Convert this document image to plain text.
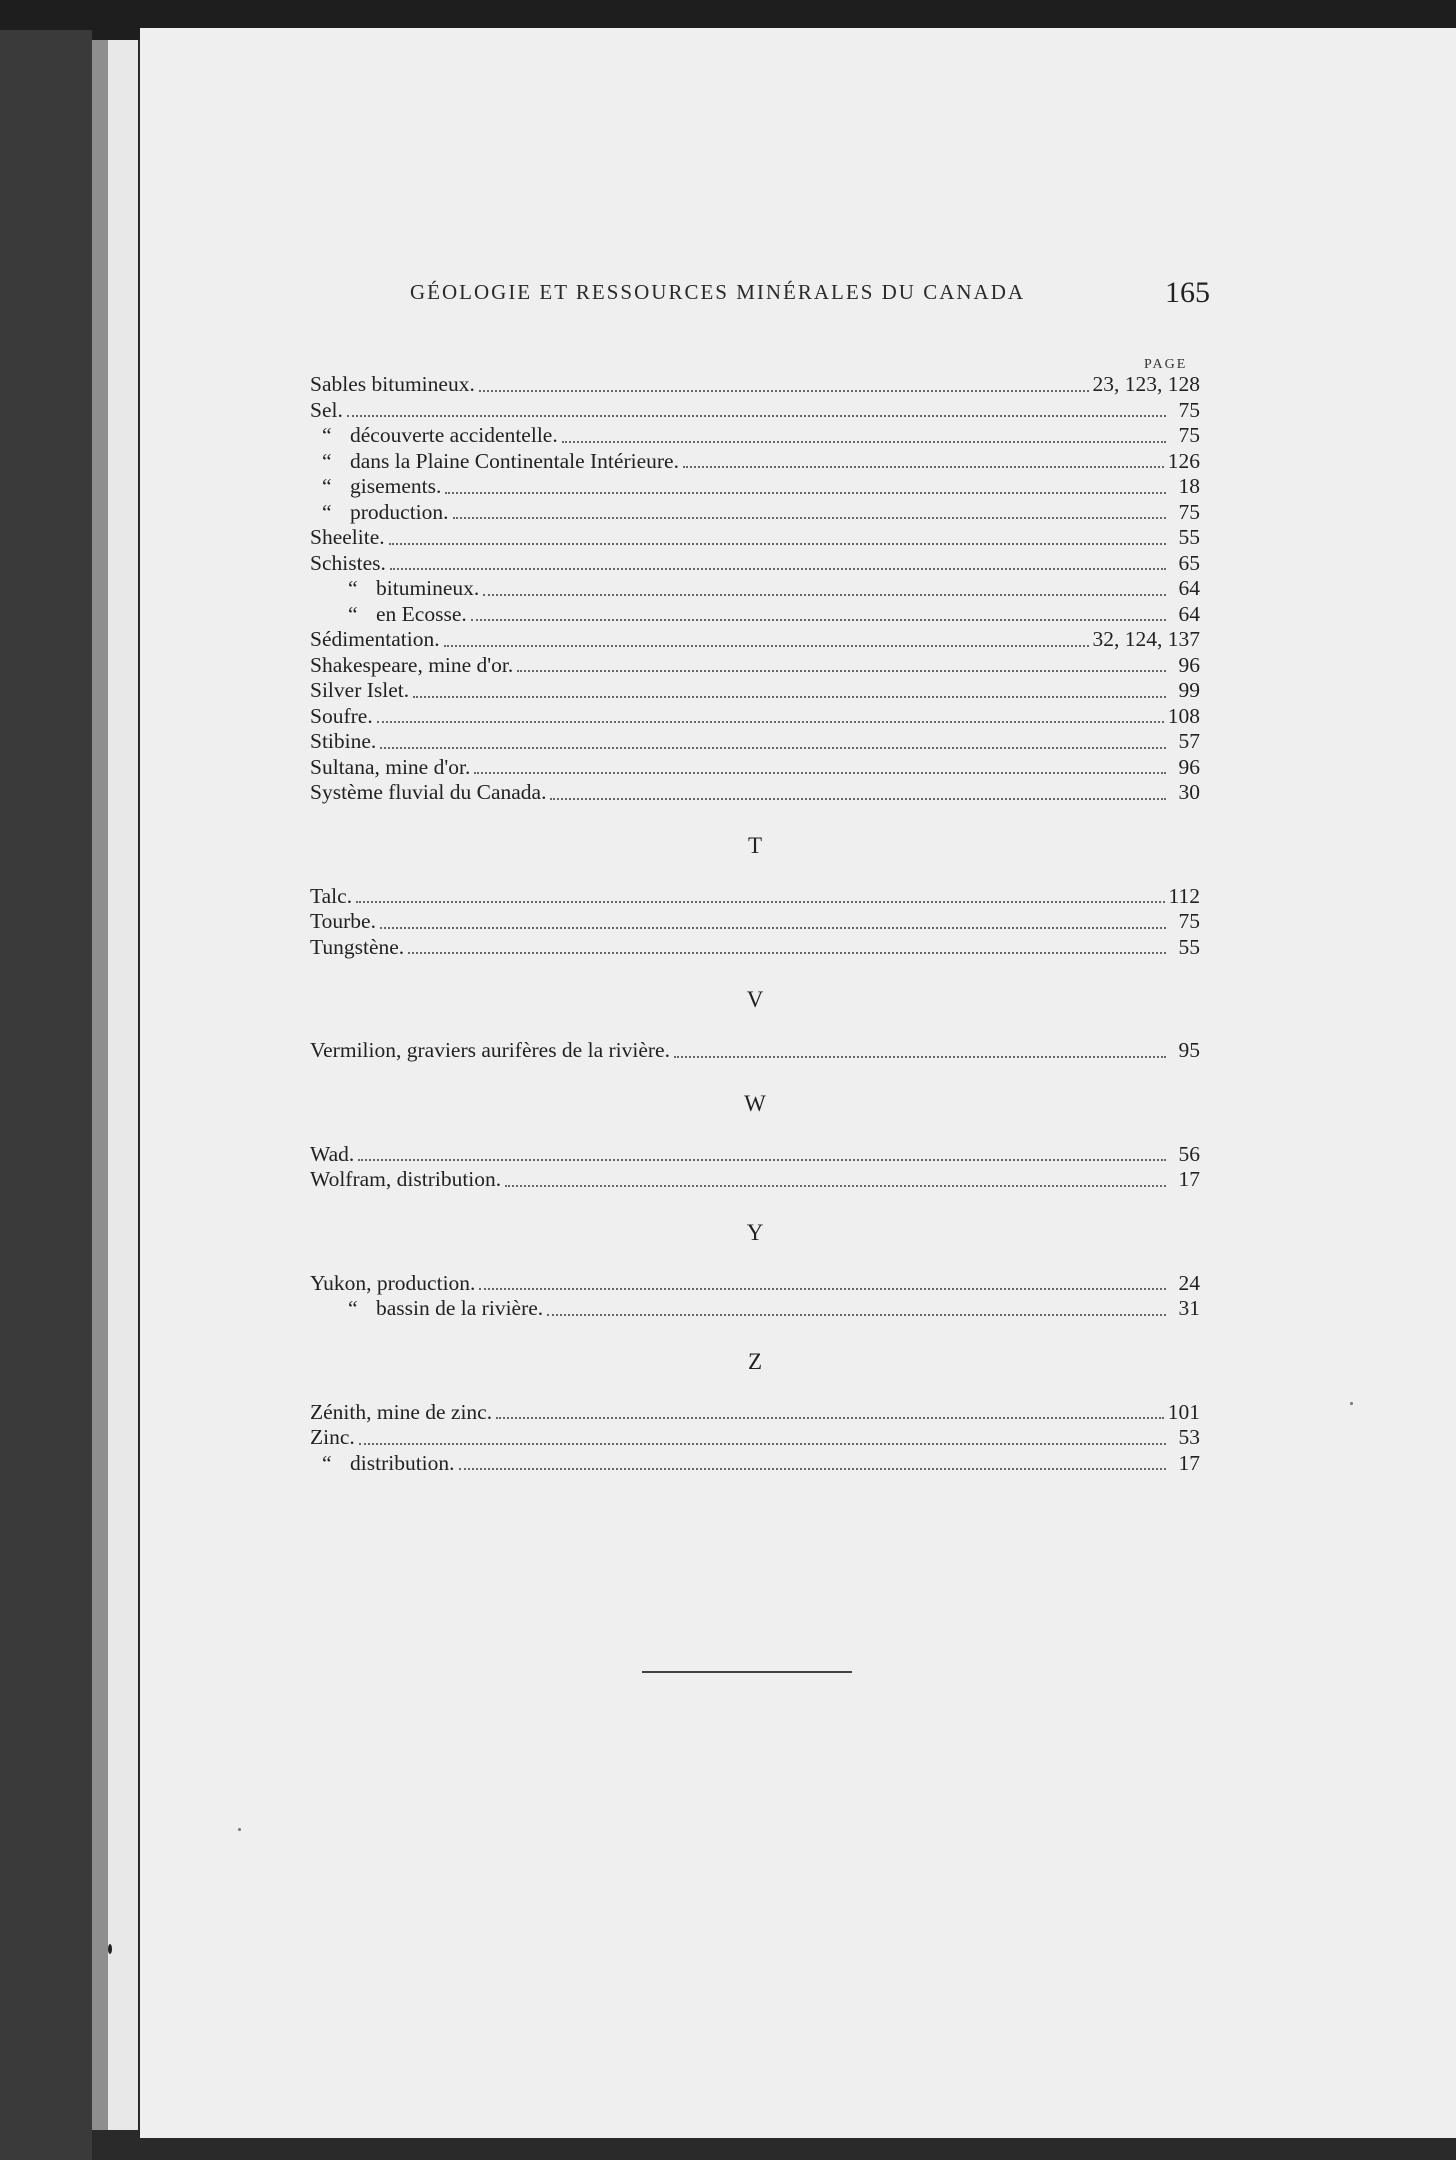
GÉOLOGIE ET RESSOURCES MINÉRALES DU CANADA	165
PAGE
Sables bitumineux.	23, 123, 128
Sel.	75
“ découverte accidentelle.	75
“ dans la Plaine Continentale Intérieure.	126
“ gisements.	18
“ production.	75
Sheelite.	55
Schistes.	65
“ bitumineux.	64
“ en Ecosse.	64
Sédimentation.	32, 124, 137
Shakespeare, mine d'or.	96
Silver Islet.	99
Soufre.	108
Stibine.	57
Sultana, mine d'or.	96
Système fluvial du Canada.	30
T
Talc.	112
Tourbe.	75
Tungstène.	55
V
Vermilion, graviers aurifères de la rivière.	95
W
Wad.	56
Wolfram, distribution.	17
Y
Yukon, production.	24
“ bassin de la rivière.	31
Z
Zénith, mine de zinc.	101
Zinc.	53
“ distribution.	17
